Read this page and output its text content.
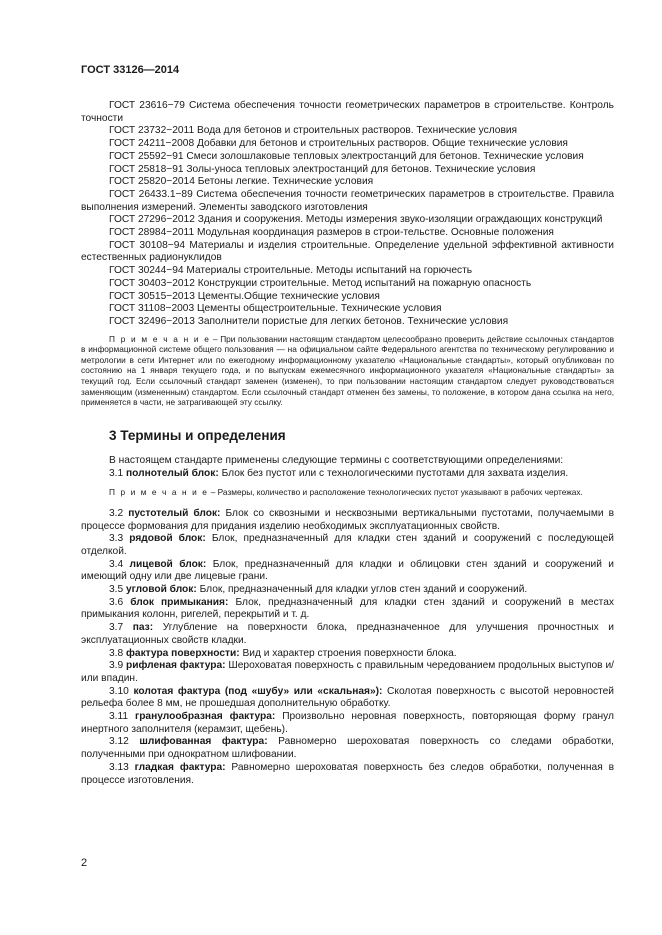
ГОСТ 33126—2014

ГОСТ 23616−79 Система обеспечения точности геометрических параметров в строительстве. Контроль точности

ГОСТ 23732−2011 Вода для бетонов и строительных растворов. Технические условия

ГОСТ 24211−2008 Добавки для бетонов и строительных растворов. Общие технические условия

ГОСТ 25592−91 Смеси золошлаковые тепловых электростанций для бетонов. Технические условия

ГОСТ 25818−91 Золы-уноса тепловых электростанций для бетонов. Технические условия

ГОСТ 25820−2014 Бетоны легкие. Технические условия

ГОСТ 26433.1−89 Система обеспечения точности геометрических параметров в строительстве. Правила выполнения измерений. Элементы заводского изготовления

ГОСТ 27296−2012 Здания и сооружения. Методы измерения звуко-изоляции ограждающих конструкций

ГОСТ 28984−2011 Модульная координация размеров в строи-тельстве. Основные положения

ГОСТ 30108−94 Материалы и изделия строительные. Определение удельной эффективной активности естественных радионуклидов

ГОСТ 30244−94 Материалы строительные. Методы испытаний на горючесть

ГОСТ 30403−2012 Конструкции строительные. Метод испытаний на пожарную опасность

ГОСТ 30515−2013 Цементы.Общие технические условия

ГОСТ 31108−2003 Цементы общестроительные. Технические условия

ГОСТ 32496−2013 Заполнители пористые для легких бетонов. Технические условия

П р и м е ч а н и е – При пользовании настоящим стандартом целесообразно проверить действие ссылочных стандартов в информационной системе общего пользования — на официальном сайте Федерального агентства по техническому регулированию и метрологии в сети Интернет или по ежегодному информационному указателю «Национальные стандарты», который опубликован по состоянию на 1 января текущего года, и по выпускам ежемесячного информационного указателя «Национальные стандарты» за текущий год. Если ссылочный стандарт заменен (изменен), то при пользовании настоящим стандартом следует руководствоваться заменяющим (измененным) стандартом. Если ссылочный стандарт отменен без замены, то положение, в котором дана ссылка на него, применяется в части, не затрагивающей эту ссылку.

3 Термины и определения

В настоящем стандарте применены следующие термины с соответствующими определениями:

3.1 полнотелый блок: Блок без пустот или с технологическими пустотами для захвата изделия.

П р и м е ч а н и е – Размеры, количество и расположение технологических пустот указывают в рабочих чертежах.

3.2 пустотелый блок: Блок со сквозными и несквозными вертикальными пустотами, получаемыми в процессе формования для придания изделию необходимых эксплуатационных свойств.

3.3 рядовой блок: Блок, предназначенный для кладки стен зданий и сооружений с последующей отделкой.

3.4 лицевой блок: Блок, предназначенный для кладки и облицовки стен зданий и сооружений и имеющий одну или две лицевые грани.

3.5 угловой блок: Блок, предназначенный для кладки углов стен зданий и сооружений.

3.6 блок примыкания: Блок, предназначенный для кладки стен зданий и сооружений в местах примыкания колонн, ригелей, перекрытий и т. д.

3.7 паз: Углубление на поверхности блока, предназначенное для улучшения прочностных и эксплуатационных свойств кладки.

3.8 фактура поверхности: Вид и характер строения поверхности блока.

3.9 рифленая фактура: Шероховатая поверхность с правильным чередованием продольных выступов и/или впадин.

3.10 колотая фактура (под «шубу» или «скальная»): Сколотая поверхность с высотой неровностей рельефа более 8 мм, не прошедшая дополнительную обработку.

3.11 гранулообразная фактура: Произвольно неровная поверхность, повторяющая форму гранул инертного заполнителя (керамзит, щебень).

3.12 шлифованная фактура: Равномерно шероховатая поверхность со следами обработки, полученными при однократном шлифовании.

3.13 гладкая фактура: Равномерно шероховатая поверхность без следов обработки, полученная в процессе изготовления.

2
